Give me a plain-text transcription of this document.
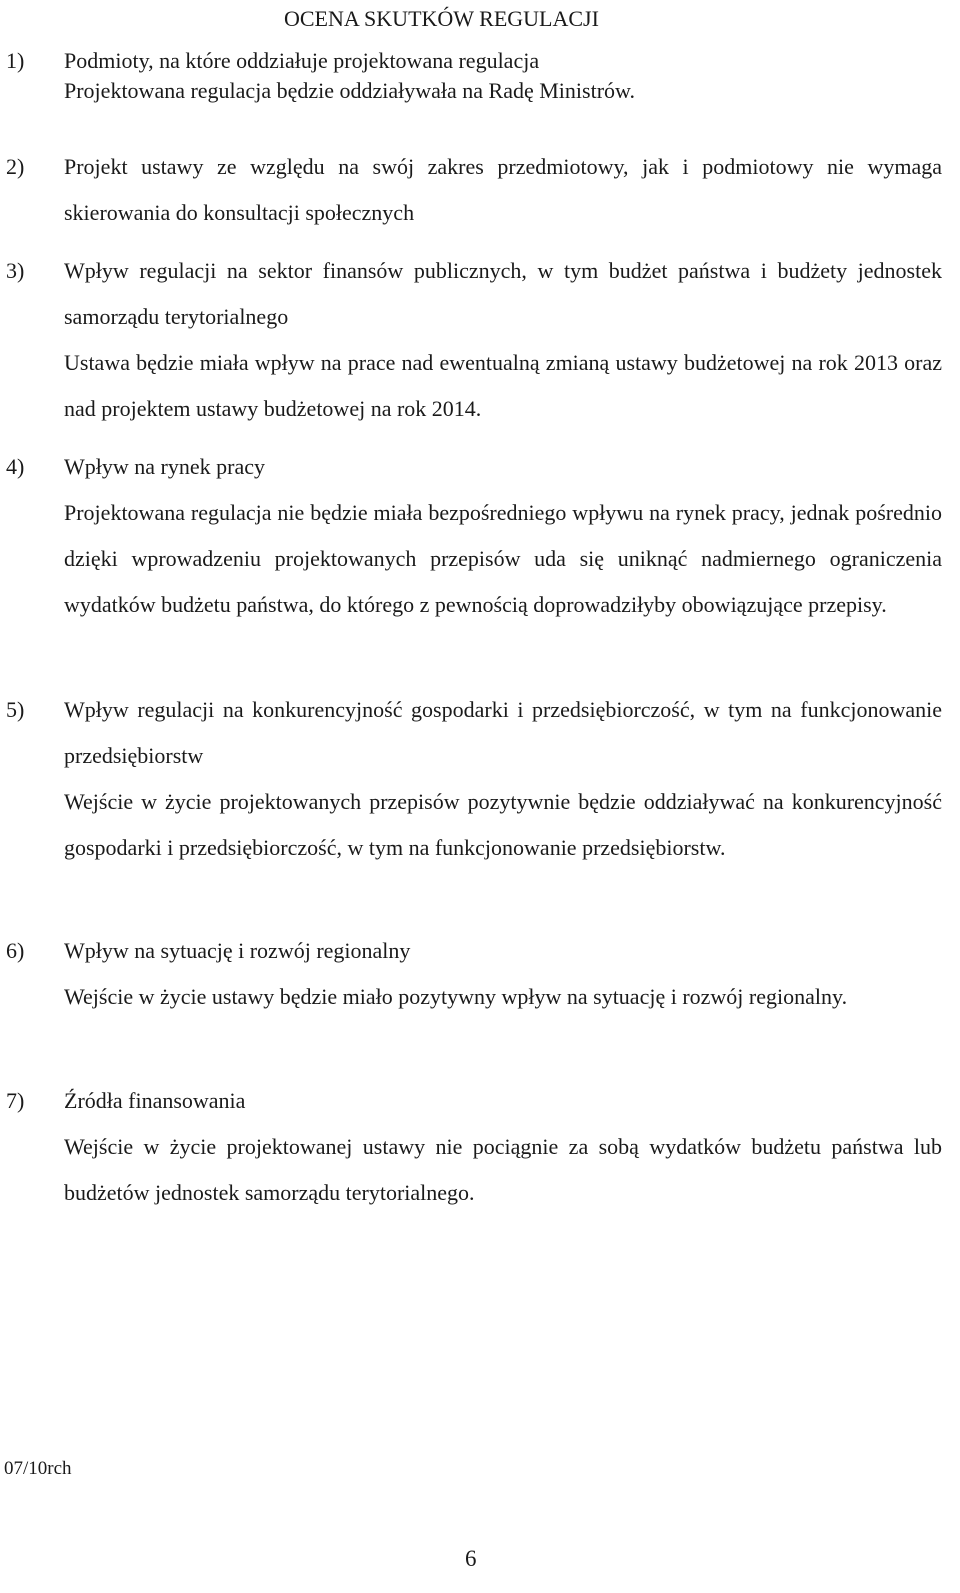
OCENA SKUTKÓW REGULACJI
1) Podmioty, na które oddziałuje projektowana regulacja
Projektowana regulacja będzie oddziaływała na Radę Ministrów.
2) Projekt ustawy ze względu na swój zakres przedmiotowy, jak i podmiotowy nie wymaga skierowania do konsultacji społecznych
3) Wpływ regulacji na sektor finansów publicznych, w tym budżet państwa i budżety jednostek samorządu terytorialnego
Ustawa będzie miała wpływ na prace nad ewentualną zmianą ustawy budżetowej na rok 2013 oraz nad projektem ustawy budżetowej na rok 2014.
4) Wpływ na rynek pracy
Projektowana regulacja nie będzie miała bezpośredniego wpływu na rynek pracy, jednak pośrednio dzięki wprowadzeniu projektowanych przepisów uda się uniknąć nadmiernego ograniczenia wydatków budżetu państwa, do którego z pewnością doprowadziłyby obowiązujące przepisy.
5) Wpływ regulacji na konkurencyjność gospodarki i przedsiębiorczość, w tym na funkcjonowanie przedsiębiorstw
Wejście w życie projektowanych przepisów pozytywnie będzie oddziaływać na konkurencyjność gospodarki i przedsiębiorczość, w tym na funkcjonowanie przedsiębiorstw.
6) Wpływ na sytuację i rozwój regionalny
Wejście w życie ustawy będzie miało pozytywny wpływ na sytuację i rozwój regionalny.
7) Źródła finansowania
Wejście w życie projektowanej ustawy nie pociągnie za sobą wydatków budżetu państwa lub budżetów jednostek samorządu terytorialnego.
07/10rch
6
